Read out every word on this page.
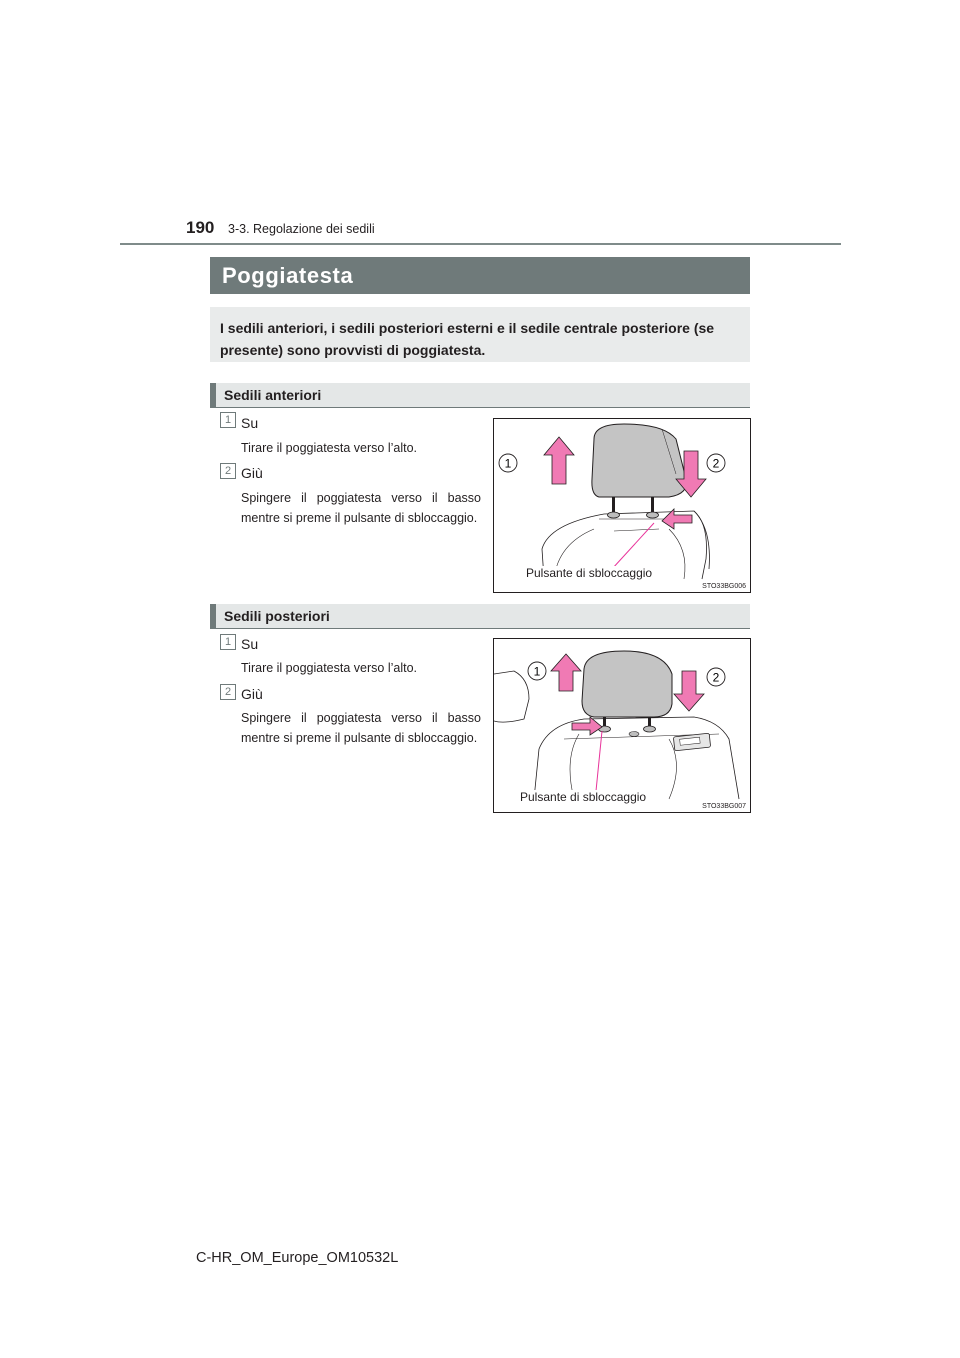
190 3-3. Regolazione dei sedili
Poggiatesta
I sedili anteriori, i sedili posteriori esterni e il sedile centrale posteriore (se presente) sono provvisti di poggiatesta.
Sedili anteriori
1 Su
Tirare il poggiatesta verso l’alto.
2 Giù
Spingere il poggiatesta verso il basso mentre si preme il pulsante di sbloccaggio.
1	2
Pulsante di sbloccaggio
STO33BG006
Sedili posteriori
1 Su
Tirare il poggiatesta verso l’alto.
2 Giù
Spingere il poggiatesta verso il basso mentre si preme il pulsante di sbloccaggio.
1	2
Pulsante di sbloccaggio
STO33BG007
C-HR_OM_Europe_OM10532L
